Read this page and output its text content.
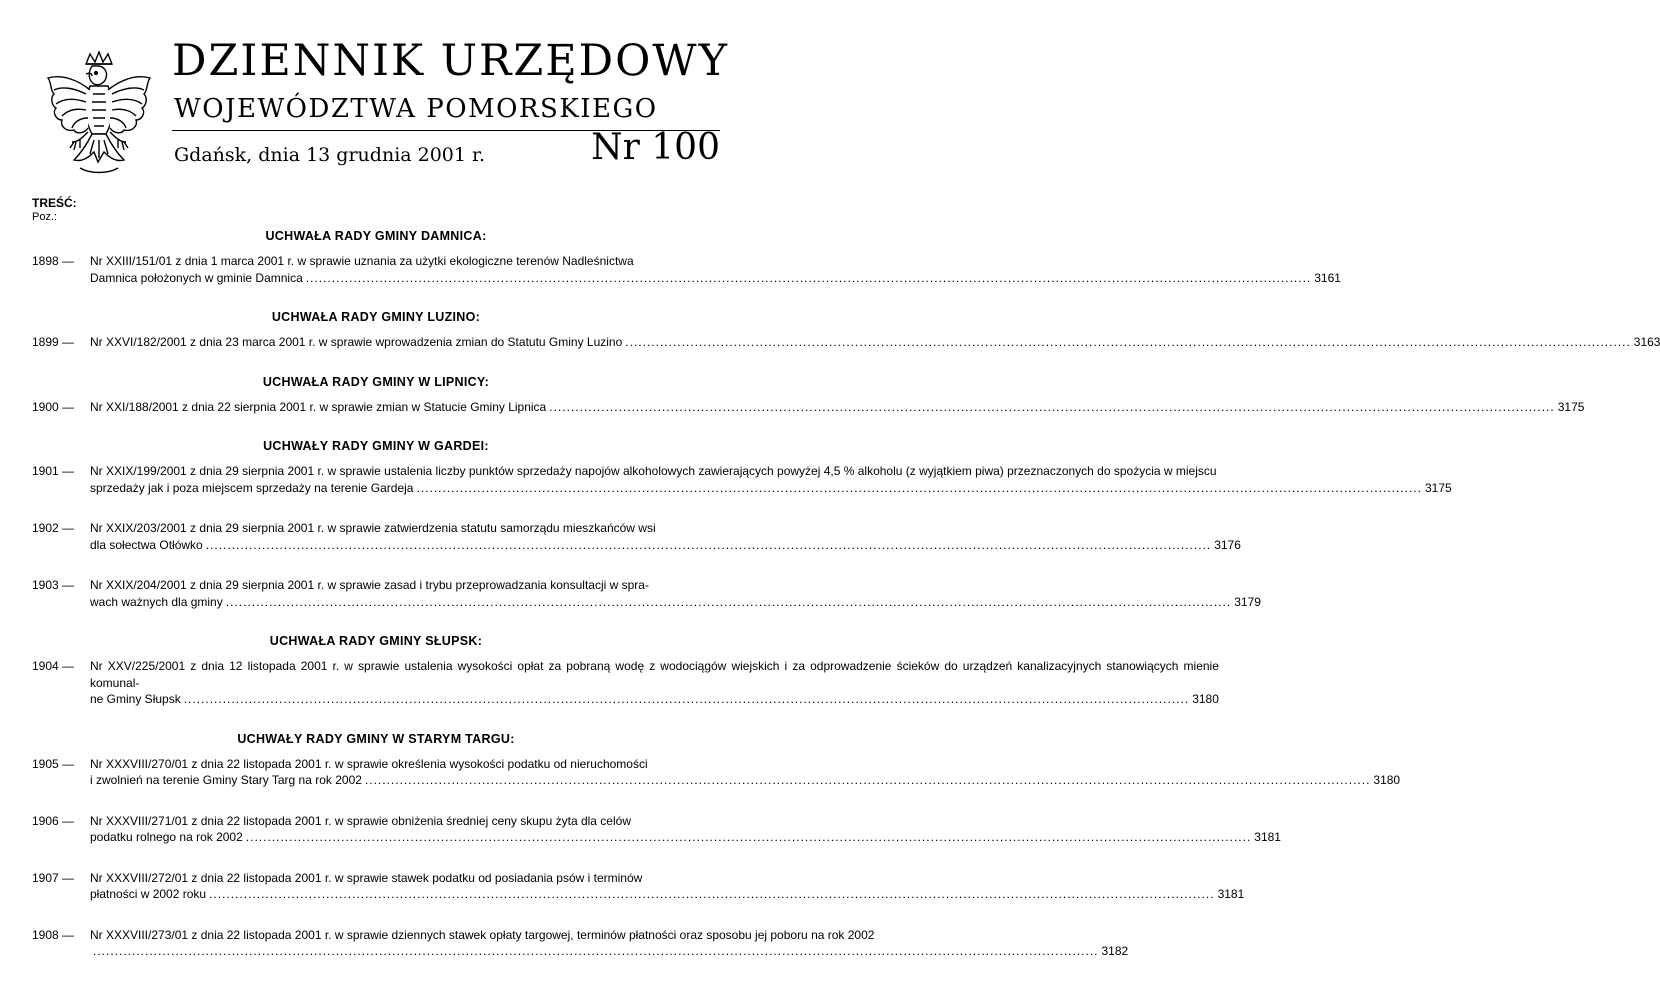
DZIENNIK URZĘDOWY
WOJEWÓDZTWA POMORSKIEGO
Gdańsk, dnia 13 grudnia 2001 r.	Nr 100
TREŚĆ:
Poz.:
UCHWAŁA RADY GMINY DAMNICA:
1898 —	Nr XXIII/151/01 z dnia 1 marca 2001 r. w sprawie uznania za użytki ekologiczne terenów Nadleśnictwa
Damnica położonych w gminie Damnica .....	3161
UCHWAŁA RADY GMINY LUZINO:
1899 —	Nr XXVI/182/2001 z dnia 23 marca 2001 r. w sprawie wprowadzenia zmian do Statutu Gminy Luzino .....	3163
UCHWAŁA RADY GMINY W LIPNICY:
1900 —	Nr XXI/188/2001 z dnia 22 sierpnia 2001 r. w sprawie zmian w Statucie Gminy Lipnica .....	3175
UCHWAŁY RADY GMINY W GARDEI:
1901 —	Nr XXIX/199/2001 z dnia 29 sierpnia 2001 r. w sprawie ustalenia liczby punktów sprzedaży napojów alkoholowych zawierających powyżej 4,5 % alkoholu (z wyjątkiem piwa) przeznaczonych do spożycia w miejscu
sprzedaży jak i poza miejscem sprzedaży na terenie Gardeja .....	3175
1902 —	Nr XXIX/203/2001 z dnia 29 sierpnia 2001 r. w sprawie zatwierdzenia statutu samorządu mieszkańców wsi
dla sołectwa Otłówko .....	3176
1903 —	Nr XXIX/204/2001 z dnia 29 sierpnia 2001 r. w sprawie zasad i trybu przeprowadzania konsultacji w spra-
wach ważnych dla gminy .....	3179
UCHWAŁA RADY GMINY SŁUPSK:
1904 —	Nr XXV/225/2001 z dnia 12 listopada 2001 r. w sprawie ustalenia wysokości opłat za pobraną wodę z wodociągów wiejskich i za odprowadzenie ścieków do urządzeń kanalizacyjnych stanowiących mienie komunal-
ne Gminy Słupsk .....	3180
UCHWAŁY RADY GMINY W STARYM TARGU:
1905 —	Nr XXXVIII/270/01 z dnia 22 listopada 2001 r. w sprawie określenia wysokości podatku od nieruchomości
i zwolnień na terenie Gminy Stary Targ na rok 2002 .....	3180
1906 —	Nr XXXVIII/271/01 z dnia 22 listopada 2001 r. w sprawie obniżenia średniej ceny skupu żyta dla celów
podatku rolnego na rok 2002 .....	3181
1907 —	Nr XXXVIII/272/01 z dnia 22 listopada 2001 r. w sprawie stawek podatku od posiadania psów i terminów
płatności w 2002 roku .....	3181
1908 —	Nr XXXVIII/273/01 z dnia 22 listopada 2001 r. w sprawie dziennych stawek opłaty targowej, terminów płatności oraz sposobu jej poboru na rok 2002
.....
3182
